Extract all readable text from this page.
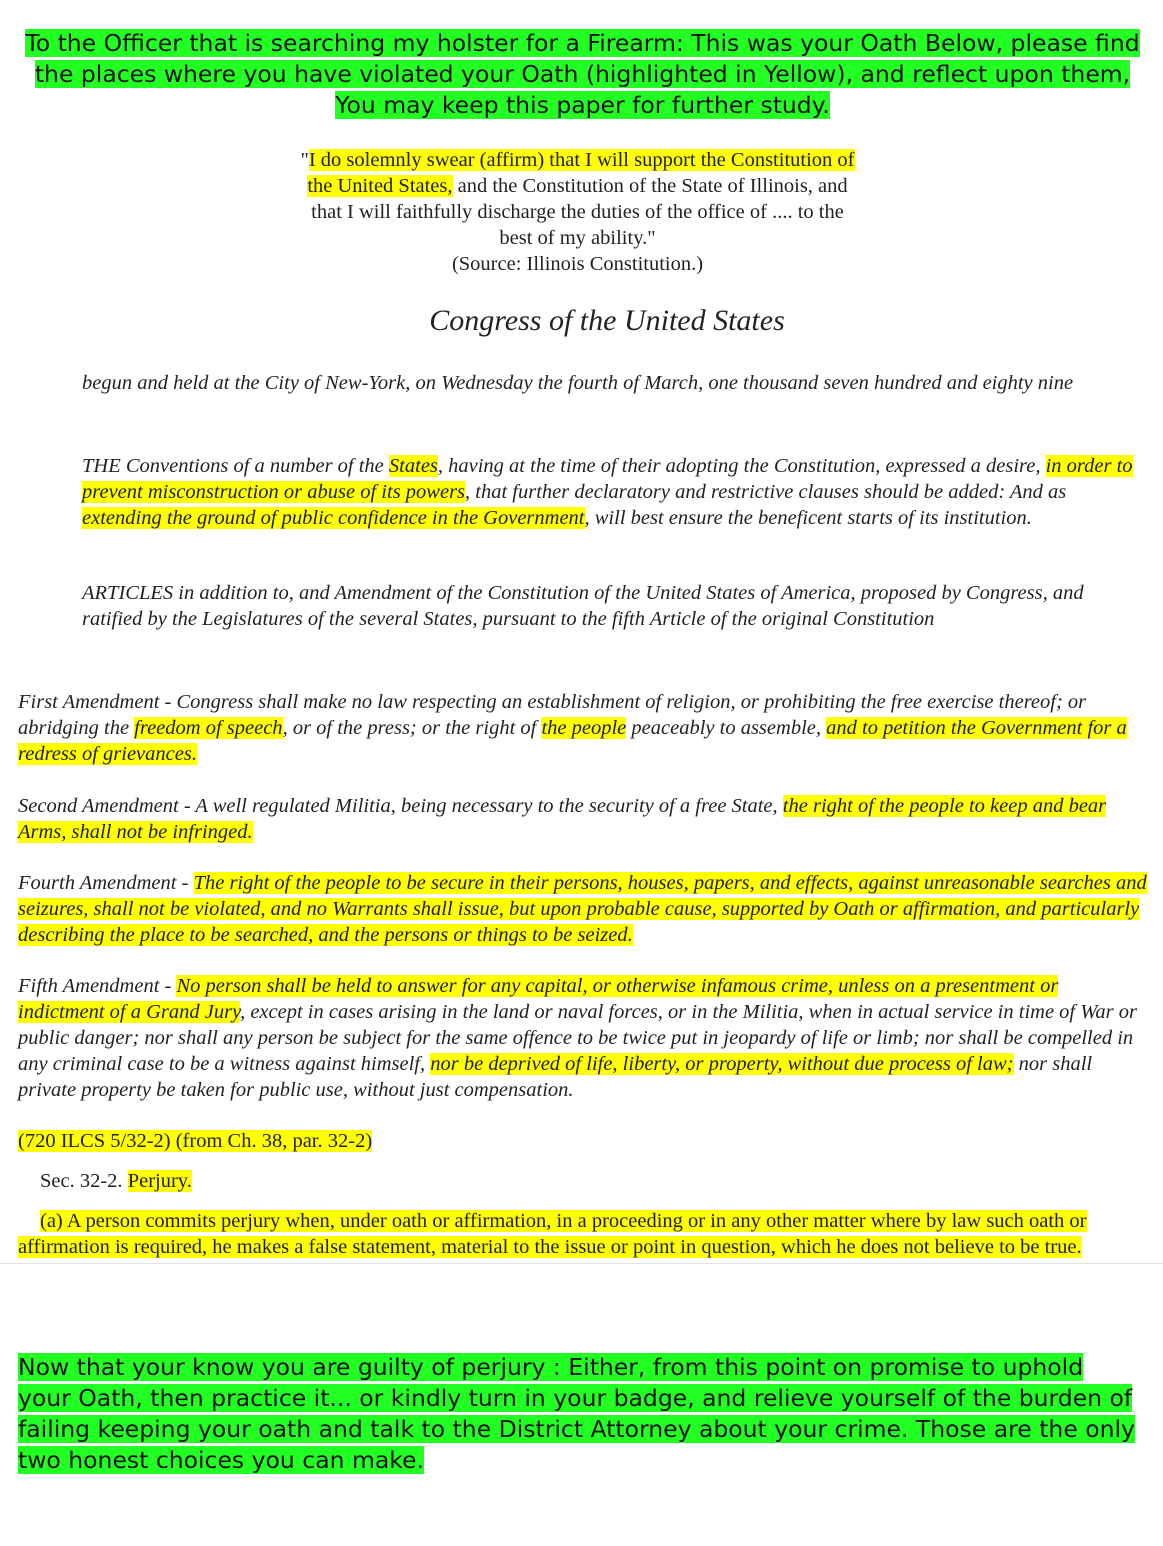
To the Officer that is searching my holster for a Firearm: This was your Oath Below, please find the places where you have violated your Oath (highlighted in Yellow), and reflect upon them, You may keep this paper for further study.
"I do solemnly swear (affirm) that I will support the Constitution of the United States, and the Constitution of the State of Illinois, and that I will faithfully discharge the duties of the office of .... to the best of my ability."
(Source: Illinois Constitution.)
Congress of the United States
begun and held at the City of New-York, on Wednesday the fourth of March, one thousand seven hundred and eighty nine
THE Conventions of a number of the States, having at the time of their adopting the Constitution, expressed a desire, in order to prevent misconstruction or abuse of its powers, that further declaratory and restrictive clauses should be added: And as extending the ground of public confidence in the Government, will best ensure the beneficent starts of its institution.
ARTICLES in addition to, and Amendment of the Constitution of the United States of America, proposed by Congress, and ratified by the Legislatures of the several States, pursuant to the fifth Article of the original Constitution
First Amendment - Congress shall make no law respecting an establishment of religion, or prohibiting the free exercise thereof; or abridging the freedom of speech, or of the press; or the right of the people peaceably to assemble, and to petition the Government for a redress of grievances.
Second Amendment - A well regulated Militia, being necessary to the security of a free State, the right of the people to keep and bear Arms, shall not be infringed.
Fourth Amendment - The right of the people to be secure in their persons, houses, papers, and effects, against unreasonable searches and seizures, shall not be violated, and no Warrants shall issue, but upon probable cause, supported by Oath or affirmation, and particularly describing the place to be searched, and the persons or things to be seized.
Fifth Amendment - No person shall be held to answer for any capital, or otherwise infamous crime, unless on a presentment or indictment of a Grand Jury, except in cases arising in the land or naval forces, or in the Militia, when in actual service in time of War or public danger; nor shall any person be subject for the same offence to be twice put in jeopardy of life or limb; nor shall be compelled in any criminal case to be a witness against himself, nor be deprived of life, liberty, or property, without due process of law; nor shall private property be taken for public use, without just compensation.
(720 ILCS 5/32-2) (from Ch. 38, par. 32-2)
Sec. 32-2. Perjury.
(a) A person commits perjury when, under oath or affirmation, in a proceeding or in any other matter where by law such oath or affirmation is required, he makes a false statement, material to the issue or point in question, which he does not believe to be true.
Now that your know you are guilty of perjury : Either, from this point on promise to uphold your Oath, then practice it... or kindly turn in your badge, and relieve yourself of the burden of failing keeping your oath and talk to the District Attorney about your crime. Those are the only two honest choices you can make.
